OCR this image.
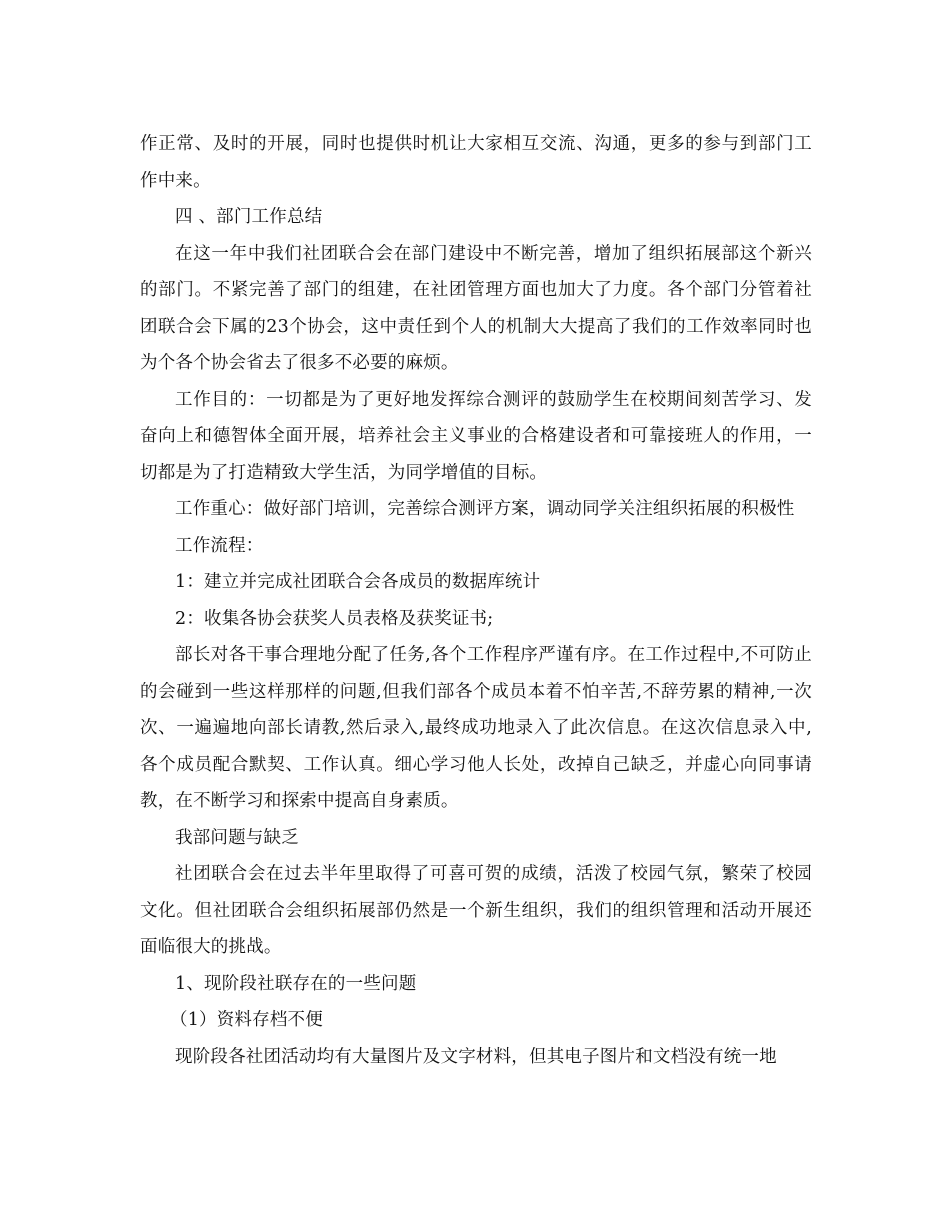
作正常、及时的开展，同时也提供时机让大家相互交流、沟通，更多的参与到部门工作中来。

四 、部门工作总结

在这一年中我们社团联合会在部门建设中不断完善，增加了组织拓展部这个新兴的部门。不紧完善了部门的组建，在社团管理方面也加大了力度。各个部门分管着社团联合会下属的23个协会，这中责任到个人的机制大大提高了我们的工作效率同时也为个各个协会省去了很多不必要的麻烦。

工作目的：一切都是为了更好地发挥综合测评的鼓励学生在校期间刻苦学习、发奋向上和德智体全面开展，培养社会主义事业的合格建设者和可靠接班人的作用，一切都是为了打造精致大学生活，为同学增值的目标。

工作重心：做好部门培训，完善综合测评方案，调动同学关注组织拓展的积极性

工作流程：

1：建立并完成社团联合会各成员的数据库统计

2：收集各协会获奖人员表格及获奖证书;

部长对各干事合理地分配了任务,各个工作程序严谨有序。在工作过程中,不可防止的会碰到一些这样那样的问题,但我们部各个成员本着不怕辛苦,不辞劳累的精神,一次次、一遍遍地向部长请教,然后录入,最终成功地录入了此次信息。在这次信息录入中,各个成员配合默契、工作认真。细心学习他人长处，改掉自己缺乏，并虚心向同事请教，在不断学习和探索中提高自身素质。

我部问题与缺乏

社团联合会在过去半年里取得了可喜可贺的成绩，活泼了校园气氛，繁荣了校园文化。但社团联合会组织拓展部仍然是一个新生组织，我们的组织管理和活动开展还面临很大的挑战。

1、现阶段社联存在的一些问题

（1）资料存档不便

现阶段各社团活动均有大量图片及文字材料，但其电子图片和文档没有统一地
